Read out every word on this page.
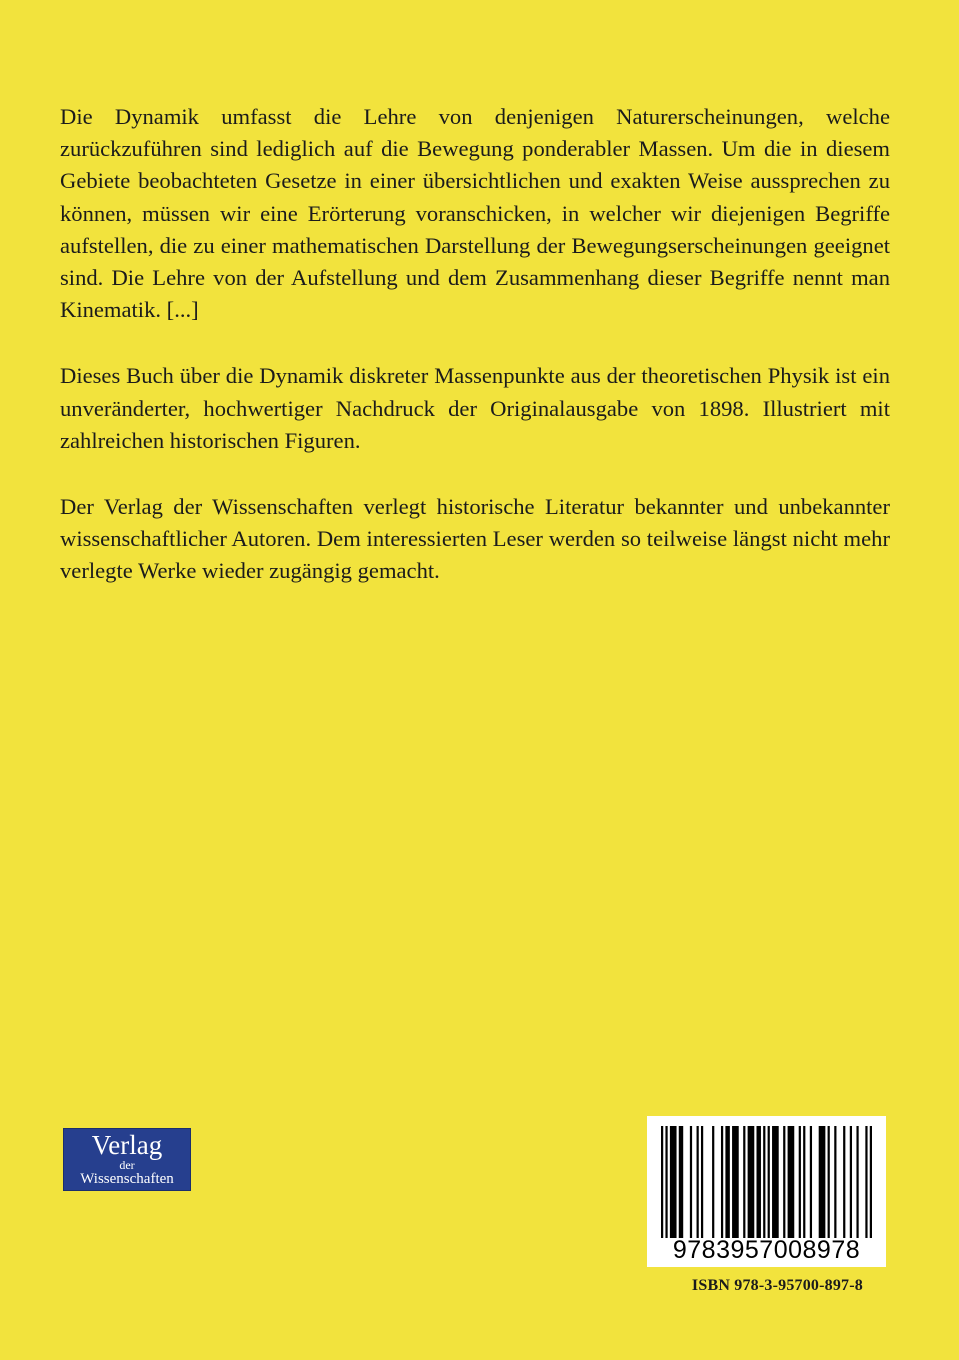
Die Dynamik umfasst die Lehre von denjenigen Naturerscheinungen, welche zurückzuführen sind lediglich auf die Bewegung ponderabler Massen. Um die in diesem Gebiete beobachteten Gesetze in einer übersichtlichen und exakten Weise aussprechen zu können, müssen wir eine Erörterung voranschicken, in welcher wir diejenigen Begriffe aufstellen, die zu einer mathematischen Darstellung der Bewegungserscheinungen geeignet sind. Die Lehre von der Aufstellung und dem Zusammenhang dieser Begriffe nennt man Kinematik. [...]

Dieses Buch über die Dynamik diskreter Massenpunkte aus der theoretischen Physik ist ein unveränderter, hochwertiger Nachdruck der Originalausgabe von 1898. Illustriert mit zahlreichen historischen Figuren.

Der Verlag der Wissenschaften verlegt historische Literatur bekannter und unbekannter wissenschaftlicher Autoren. Dem interessierten Leser werden so teilweise längst nicht mehr verlegte Werke wieder zugängig gemacht.

Verlag
der
Wissenschaften
9783957008978
ISBN 978-3-95700-897-8
